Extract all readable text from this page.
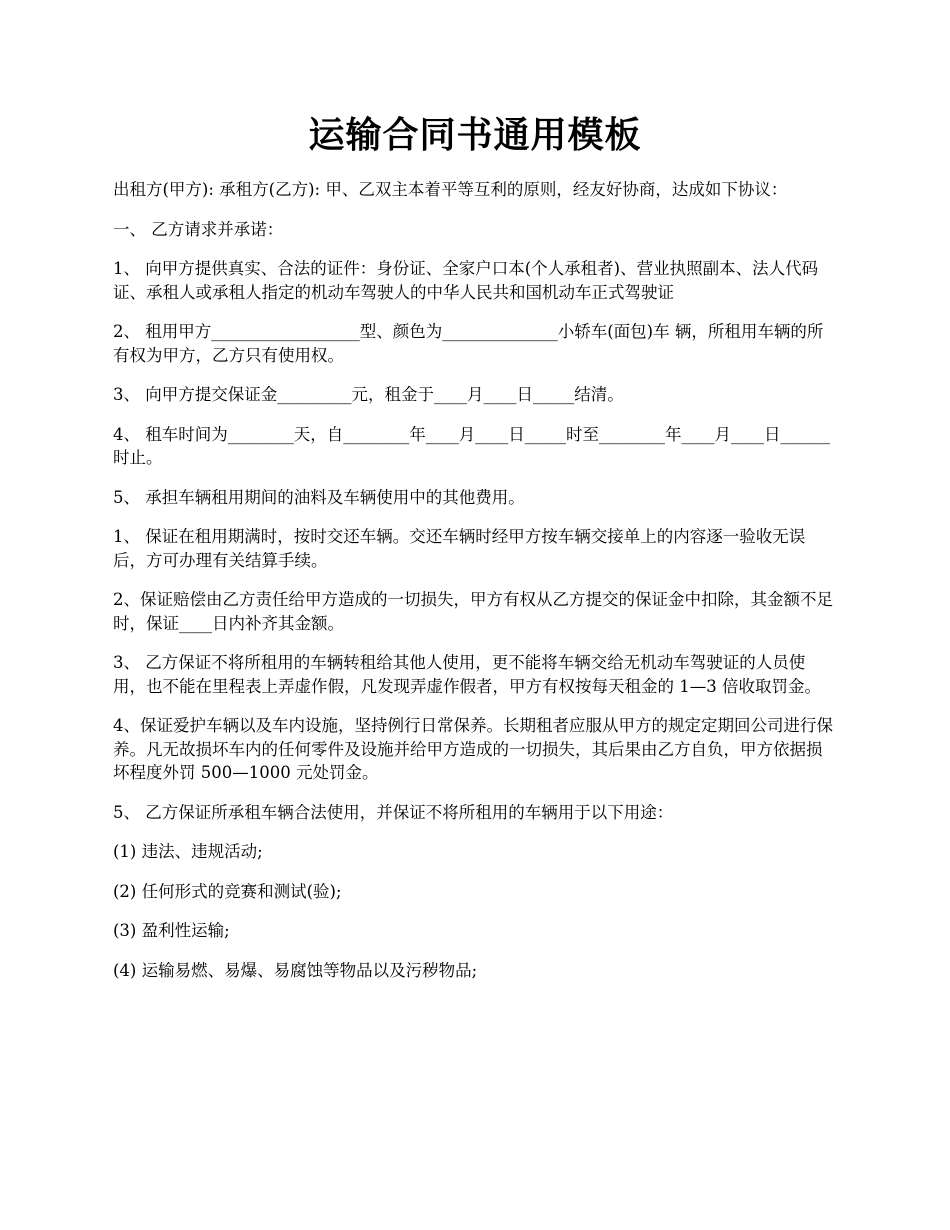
运输合同书通用模板

出租方(甲方): 承租方(乙方): 甲、乙双主本着平等互利的原则，经友好协商，达成如下协议：

一、 乙方请求并承诺：

1、 向甲方提供真实、合法的证件：身份证、全家户口本(个人承租者)、营业执照副本、法人代码证、承租人或承租人指定的机动车驾驶人的中华人民共和国机动车正式驾驶证

2、 租用甲方__________________型、颜色为______________小轿车(面包)车 辆，所租用车辆的所有权为甲方，乙方只有使用权。

3、 向甲方提交保证金_________元，租金于____月____日_____结清。

4、 租车时间为________天，自________年____月____日_____时至________年____月____日______时止。

5、 承担车辆租用期间的油料及车辆使用中的其他费用。

1、 保证在租用期满时，按时交还车辆。交还车辆时经甲方按车辆交接单上的内容逐一验收无误后，方可办理有关结算手续。

2、保证赔偿由乙方责任给甲方造成的一切损失，甲方有权从乙方提交的保证金中扣除，其金额不足时，保证____日内补齐其金额。

3、 乙方保证不将所租用的车辆转租给其他人使用，更不能将车辆交给无机动车驾驶证的人员使用，也不能在里程表上弄虚作假，凡发现弄虚作假者，甲方有权按每天租金的 1—3 倍收取罚金。

4、保证爱护车辆以及车内设施，坚持例行日常保养。长期租者应服从甲方的规定定期回公司进行保养。凡无故损坏车内的任何零件及设施并给甲方造成的一切损失，其后果由乙方自负，甲方依据损坏程度外罚 500—1000 元处罚金。

5、 乙方保证所承租车辆合法使用，并保证不将所租用的车辆用于以下用途：

(1) 违法、违规活动;

(2) 任何形式的竞赛和测试(验);

(3) 盈利性运输;

(4) 运输易燃、易爆、易腐蚀等物品以及污秽物品;
